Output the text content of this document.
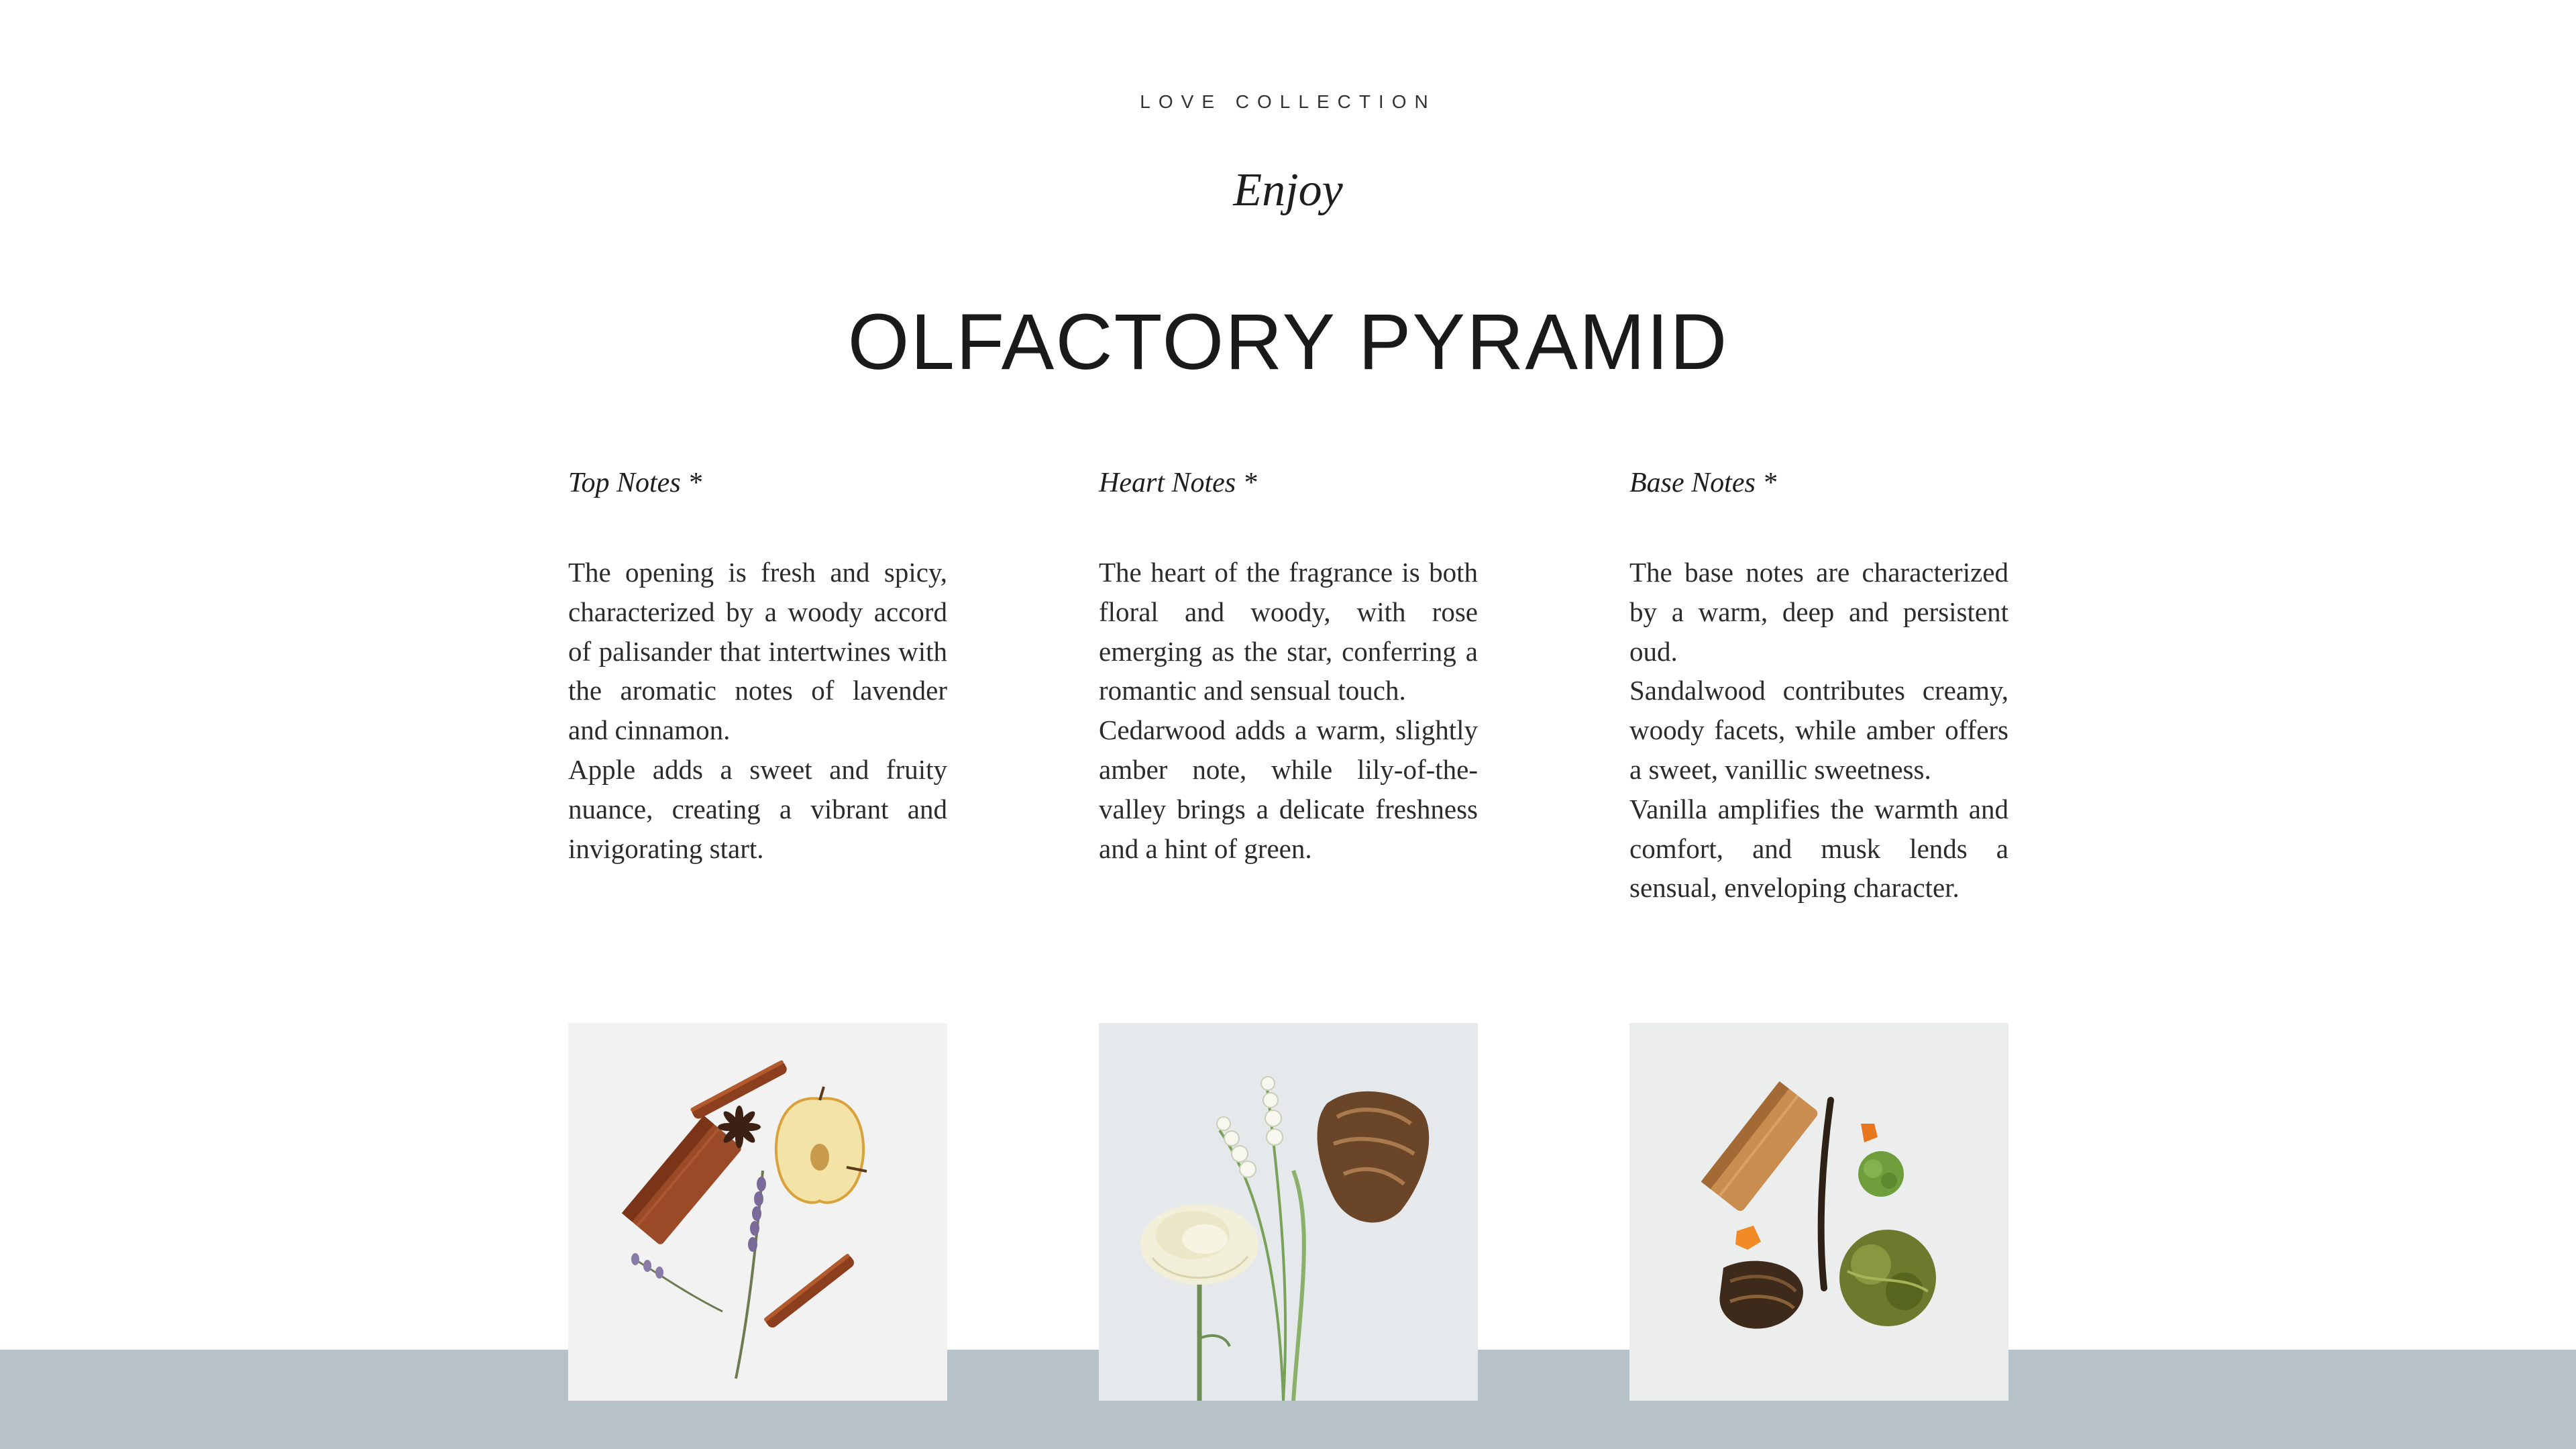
LOVE COLLECTION
Enjoy
OLFACTORY PYRAMID
Top Notes *

The opening is fresh and spicy, characterized by a woody accord of palisander that intertwines with the aromatic notes of lavender and cinnamon.

Apple adds a sweet and fruity nuance, creating a vibrant and invigorating start.

Heart Notes *

The heart of the fragrance is both floral and woody, with rose emerging as the star, conferring a romantic and sensual touch.

Cedarwood adds a warm, slightly amber note, while lily-of-the-valley brings a delicate freshness and a hint of green.

Base Notes *

The base notes are characterized by a warm, deep and persistent oud.

Sandalwood contributes creamy, woody facets, while amber offers a sweet, vanillic sweetness.

Vanilla amplifies the warmth and comfort, and musk lends a sensual, enveloping character.
